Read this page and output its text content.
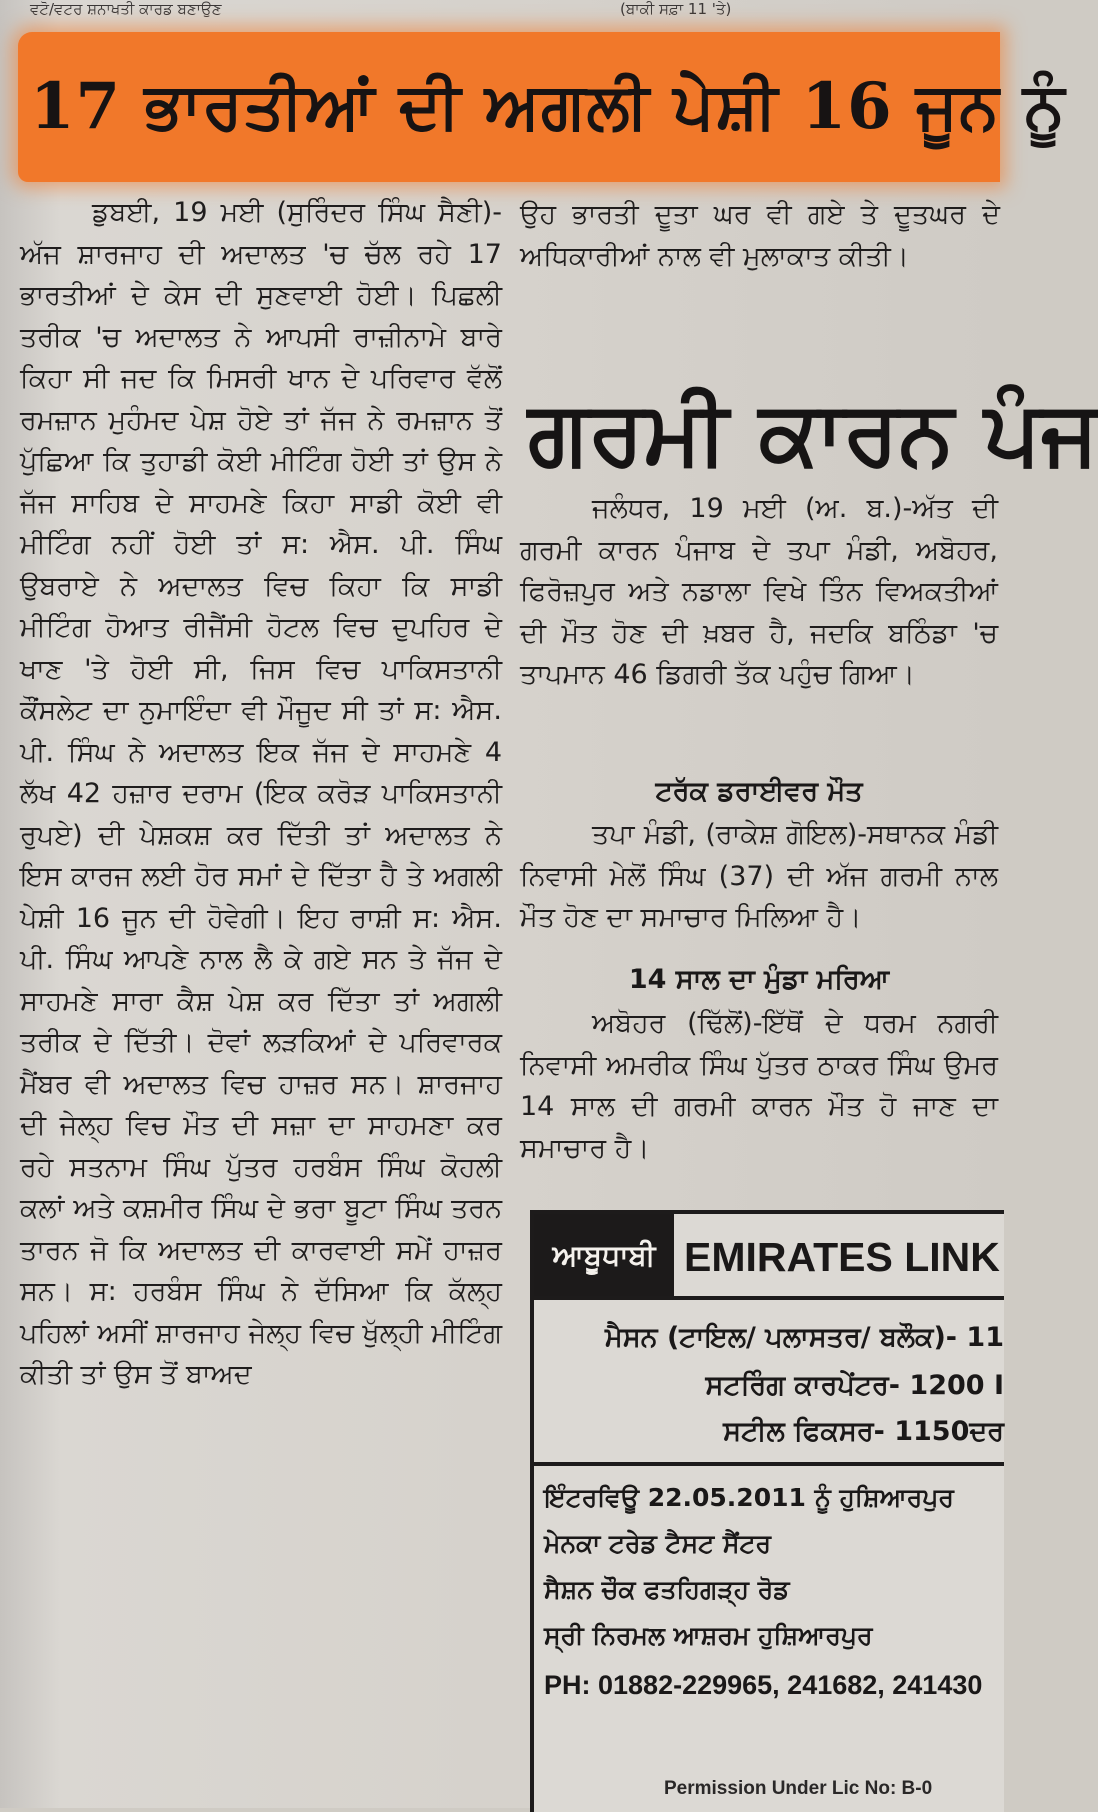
ਵਟੋ/ਵਟਰ ਸ਼ਨਾਖਤੀ ਕਾਰਡ ਬਣਾਉਣ	(ਬਾਕੀ ਸਫ਼ਾ 11 'ਤੇ)
17 ਭਾਰਤੀਆਂ ਦੀ ਅਗਲੀ ਪੇਸ਼ੀ 16 ਜੂਨ ਨੂੰ

ਡੁਬਈ, 19 ਮਈ (ਸੁਰਿੰਦਰ ਸਿੰਘ ਸੈਣੀ)-ਅੱਜ ਸ਼ਾਰਜਾਹ ਦੀ ਅਦਾਲਤ 'ਚ ਚੱਲ ਰਹੇ 17 ਭਾਰਤੀਆਂ ਦੇ ਕੇਸ ਦੀ ਸੁਣਵਾਈ ਹੋਈ। ਪਿਛਲੀ ਤਰੀਕ 'ਚ ਅਦਾਲਤ ਨੇ ਆਪਸੀ ਰਾਜ਼ੀਨਾਮੇ ਬਾਰੇ ਕਿਹਾ ਸੀ ਜਦ ਕਿ ਮਿਸਰੀ ਖਾਨ ਦੇ ਪਰਿਵਾਰ ਵੱਲੋਂ ਰਮਜ਼ਾਨ ਮੁਹੰਮਦ ਪੇਸ਼ ਹੋਏ ਤਾਂ ਜੱਜ ਨੇ ਰਮਜ਼ਾਨ ਤੋਂ ਪੁੱਛਿਆ ਕਿ ਤੁਹਾਡੀ ਕੋਈ ਮੀਟਿੰਗ ਹੋਈ ਤਾਂ ਉਸ ਨੇ ਜੱਜ ਸਾਹਿਬ ਦੇ ਸਾਹਮਣੇ ਕਿਹਾ ਸਾਡੀ ਕੋਈ ਵੀ ਮੀਟਿੰਗ ਨਹੀਂ ਹੋਈ ਤਾਂ ਸ: ਐਸ. ਪੀ. ਸਿੰਘ ਉਬਰਾਏ ਨੇ ਅਦਾਲਤ ਵਿਚ ਕਿਹਾ ਕਿ ਸਾਡੀ ਮੀਟਿੰਗ ਹੋਆਤ ਰੀਜੈਂਸੀ ਹੋਟਲ ਵਿਚ ਦੁਪਹਿਰ ਦੇ ਖਾਣ 'ਤੇ ਹੋਈ ਸੀ, ਜਿਸ ਵਿਚ ਪਾਕਿਸਤਾਨੀ ਕੌਂਸਲੇਟ ਦਾ ਨੁਮਾਇੰਦਾ ਵੀ ਮੌਜੂਦ ਸੀ ਤਾਂ ਸ: ਐਸ. ਪੀ. ਸਿੰਘ ਨੇ ਅਦਾਲਤ ਇਕ ਜੱਜ ਦੇ ਸਾਹਮਣੇ 4 ਲੱਖ 42 ਹਜ਼ਾਰ ਦਰਾਮ (ਇਕ ਕਰੋੜ ਪਾਕਿਸਤਾਨੀ ਰੁਪਏ) ਦੀ ਪੇਸ਼ਕਸ਼ ਕਰ ਦਿੱਤੀ ਤਾਂ ਅਦਾਲਤ ਨੇ ਇਸ ਕਾਰਜ ਲਈ ਹੋਰ ਸਮਾਂ ਦੇ ਦਿੱਤਾ ਹੈ ਤੇ ਅਗਲੀ ਪੇਸ਼ੀ 16 ਜੂਨ ਦੀ ਹੋਵੇਗੀ। ਇਹ ਰਾਸ਼ੀ ਸ: ਐਸ. ਪੀ. ਸਿੰਘ ਆਪਣੇ ਨਾਲ ਲੈ ਕੇ ਗਏ ਸਨ ਤੇ ਜੱਜ ਦੇ ਸਾਹਮਣੇ ਸਾਰਾ ਕੈਸ਼ ਪੇਸ਼ ਕਰ ਦਿੱਤਾ ਤਾਂ ਅਗਲੀ ਤਰੀਕ ਦੇ ਦਿੱਤੀ। ਦੋਵਾਂ ਲੜਕਿਆਂ ਦੇ ਪਰਿਵਾਰਕ ਮੈਂਬਰ ਵੀ ਅਦਾਲਤ ਵਿਚ ਹਾਜ਼ਰ ਸਨ। ਸ਼ਾਰਜਾਹ ਦੀ ਜੇਲ੍ਹ ਵਿਚ ਮੌਤ ਦੀ ਸਜ਼ਾ ਦਾ ਸਾਹਮਣਾ ਕਰ ਰਹੇ ਸਤਨਾਮ ਸਿੰਘ ਪੁੱਤਰ ਹਰਬੰਸ ਸਿੰਘ ਕੋਹਲੀ ਕਲਾਂ ਅਤੇ ਕਸ਼ਮੀਰ ਸਿੰਘ ਦੇ ਭਰਾ ਬੂਟਾ ਸਿੰਘ ਤਰਨ ਤਾਰਨ ਜੋ ਕਿ ਅਦਾਲਤ ਦੀ ਕਾਰਵਾਈ ਸਮੇਂ ਹਾਜ਼ਰ ਸਨ। ਸ: ਹਰਬੰਸ ਸਿੰਘ ਨੇ ਦੱਸਿਆ ਕਿ ਕੱਲ੍ਹ ਪਹਿਲਾਂ ਅਸੀਂ ਸ਼ਾਰਜਾਹ ਜੇਲ੍ਹ ਵਿਚ ਖੁੱਲ੍ਹੀ ਮੀਟਿੰਗ ਕੀਤੀ ਤਾਂ ਉਸ ਤੋਂ ਬਾਅਦ

ਉਹ ਭਾਰਤੀ ਦੂਤਾ ਘਰ ਵੀ ਗਏ ਤੇ ਦੂਤਘਰ ਦੇ ਅਧਿਕਾਰੀਆਂ ਨਾਲ ਵੀ ਮੁਲਾਕਾਤ ਕੀਤੀ।

ਗਰਮੀ ਕਾਰਨ ਪੰਜ

ਜਲੰਧਰ, 19 ਮਈ (ਅ. ਬ.)-ਅੱਤ ਦੀ ਗਰਮੀ ਕਾਰਨ ਪੰਜਾਬ ਦੇ ਤਪਾ ਮੰਡੀ, ਅਬੋਹਰ, ਫਿਰੋਜ਼ਪੁਰ ਅਤੇ ਨਡਾਲਾ ਵਿਖੇ ਤਿੰਨ ਵਿਅਕਤੀਆਂ ਦੀ ਮੌਤ ਹੋਣ ਦੀ ਖ਼ਬਰ ਹੈ, ਜਦਕਿ ਬਠਿੰਡਾ 'ਚ ਤਾਪਮਾਨ 46 ਡਿਗਰੀ ਤੱਕ ਪਹੁੰਚ ਗਿਆ।

ਟਰੱਕ ਡਰਾਈਵਰ ਮੌਤ

ਤਪਾ ਮੰਡੀ, (ਰਾਕੇਸ਼ ਗੋਇਲ)-ਸਥਾਨਕ ਮੰਡੀ ਨਿਵਾਸੀ ਮੇਲੋਂ ਸਿੰਘ (37) ਦੀ ਅੱਜ ਗਰਮੀ ਨਾਲ ਮੌਤ ਹੋਣ ਦਾ ਸਮਾਚਾਰ ਮਿਲਿਆ ਹੈ।

14 ਸਾਲ ਦਾ ਮੁੰਡਾ ਮਰਿਆ

ਅਬੋਹਰ (ਢਿੱਲੋਂ)-ਇੱਥੋਂ ਦੇ ਧਰਮ ਨਗਰੀ ਨਿਵਾਸੀ ਅਮਰੀਕ ਸਿੰਘ ਪੁੱਤਰ ਠਾਕਰ ਸਿੰਘ ਉਮਰ 14 ਸਾਲ ਦੀ ਗਰਮੀ ਕਾਰਨ ਮੌਤ ਹੋ ਜਾਣ ਦਾ ਸਮਾਚਾਰ ਹੈ।

ਆਬੂਧਾਬੀ EMIRATES LINK
ਮੈਸਨ (ਟਾਇਲ/ ਪਲਾਸਤਰ/ ਬਲੌਕ)- 11
ਸਟਰਿੰਗ ਕਾਰਪੇਂਟਰ- 1200 I
ਸਟੀਲ ਫਿਕਸਰ- 1150ਦਰ
ਇੰਟਰਵਿਊ 22.05.2011 ਨੂੰ ਹੁਸ਼ਿਆਰਪੁਰ
ਮੇਨਕਾ ਟਰੇਡ ਟੈਸਟ ਸੈਂਟਰ
ਸੈਸ਼ਨ ਚੌਕ ਫਤਹਿਗੜ੍ਹ ਰੋਡ
ਸ੍ਰੀ ਨਿਰਮਲ ਆਸ਼ਰਮ ਹੁਸ਼ਿਆਰਪੁਰ
PH: 01882-229965, 241682, 241430
Permission Under Lic No: B-0
